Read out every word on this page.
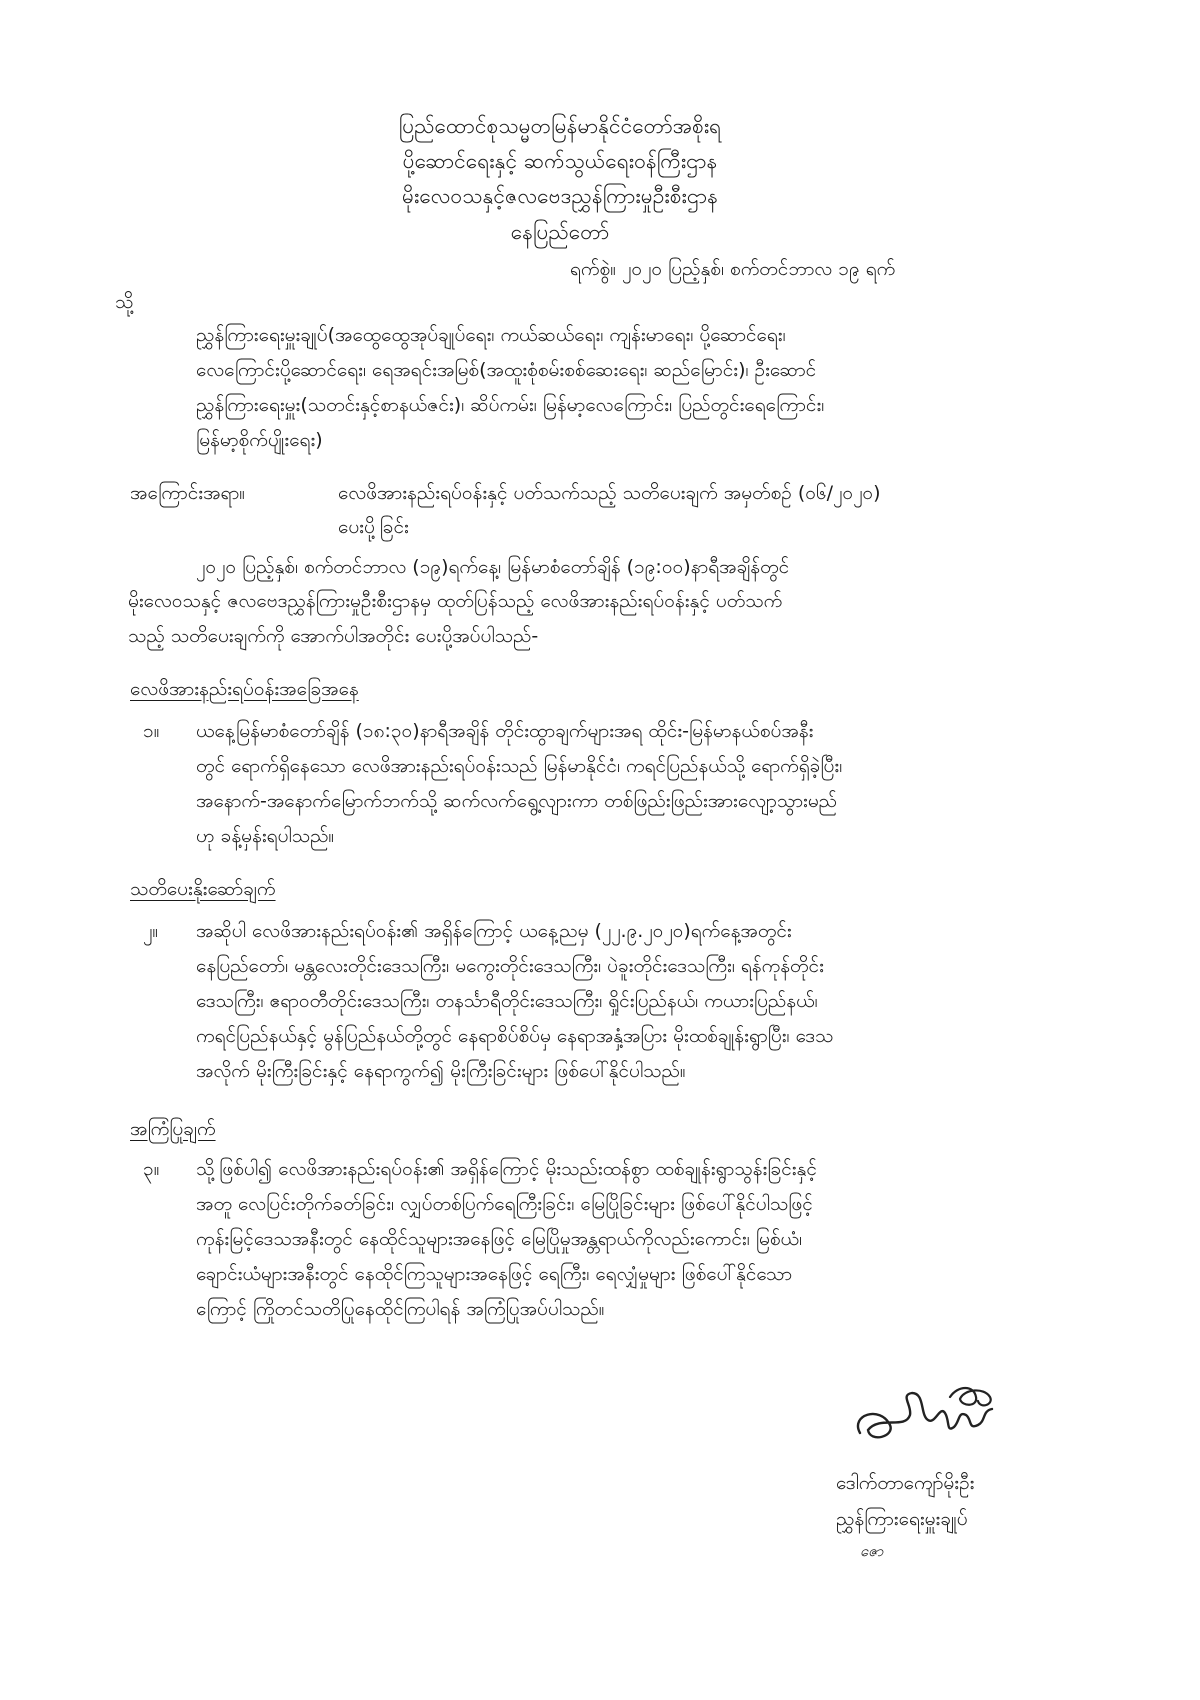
ပြည်ထောင်စုသမ္မတမြန်မာနိုင်ငံတော်အစိုးရ
ပို့ဆောင်ရေးနှင့် ဆက်သွယ်ရေးဝန်ကြီးဌာန
မိုးလေဝသနှင့်ဇလဗေဒညွှန်ကြားမှုဦးစီးဌာန
နေပြည်တော်
ရက်စွဲ။ ၂၀၂၀ ပြည့်နှစ်၊ စက်တင်ဘာလ ၁၉ ရက်
သို့
ညွှန်ကြားရေးမှူးချုပ်(အထွေထွေအုပ်ချုပ်ရေး၊ ကယ်ဆယ်ရေး၊ ကျန်းမာရေး၊ ပို့ဆောင်ရေး၊
လေကြောင်းပို့ဆောင်ရေး၊ ရေအရင်းအမြစ်(အထူးစုံစမ်းစစ်ဆေးရေး၊ ဆည်မြောင်း)၊ ဦးဆောင်
ညွှန်ကြားရေးမှူး(သတင်းနှင့်စာနယ်ဇင်း)၊ ဆိပ်ကမ်း၊ မြန်မာ့လေကြောင်း၊ ပြည်တွင်းရေကြောင်း၊
မြန်မာ့စိုက်ပျိုးရေး)
အကြောင်းအရာ။	လေဖိအားနည်းရပ်ဝန်းနှင့် ပတ်သက်သည့် သတိပေးချက် အမှတ်စဉ် (၀၆/၂၀၂၀)
ပေးပို့ခြင်း
၂၀၂၀ ပြည့်နှစ်၊ စက်တင်ဘာလ (၁၉)ရက်နေ့၊ မြန်မာစံတော်ချိန် (၁၉:၀၀)နာရီအချိန်တွင်
မိုးလေဝသနှင့် ဇလဗေဒညွှန်ကြားမှုဦးစီးဌာနမှ ထုတ်ပြန်သည့် လေဖိအားနည်းရပ်ဝန်းနှင့် ပတ်သက်
သည့် သတိပေးချက်ကို အောက်ပါအတိုင်း ပေးပို့အပ်ပါသည်-
လေဖိအားနည်းရပ်ဝန်းအခြေအနေ
၁။ ယနေ့မြန်မာစံတော်ချိန် (၁၈:၃၀)နာရီအချိန် တိုင်းထွာချက်များအရ ထိုင်း-မြန်မာနယ်စပ်အနီး
တွင် ရောက်ရှိနေသော လေဖိအားနည်းရပ်ဝန်းသည် မြန်မာနိုင်ငံ၊ ကရင်ပြည်နယ်သို့ ရောက်ရှိခဲ့ပြီး၊
အနောက်-အနောက်မြောက်ဘက်သို့ ဆက်လက်ရွေ့လျားကာ တစ်ဖြည်းဖြည်းအားလျော့သွားမည်
ဟု ခန့်မှန်းရပါသည်။
သတိပေးနိုးဆော်ချက်
၂။ အဆိုပါ လေဖိအားနည်းရပ်ဝန်း၏ အရှိန်ကြောင့် ယနေ့ညမှ (၂၂.၉.၂၀၂၀)ရက်နေ့အတွင်း
နေပြည်တော်၊ မန္တလေးတိုင်းဒေသကြီး၊ မကွေးတိုင်းဒေသကြီး၊ ပဲခူးတိုင်းဒေသကြီး၊ ရန်ကုန်တိုင်း
ဒေသကြီး၊ ဧရာဝတီတိုင်းဒေသကြီး၊ တနင်္သာရီတိုင်းဒေသကြီး၊ ရှိုင်းပြည်နယ်၊ ကယားပြည်နယ်၊
ကရင်ပြည်နယ်နှင့် မွန်ပြည်နယ်တို့တွင် နေရာစိပ်စိပ်မှ နေရာအနှံ့အပြား မိုးထစ်ချုန်းရွာပြီး၊ ဒေသ
အလိုက် မိုးကြီးခြင်းနှင့် နေရာကွက်၍ မိုးကြီးခြင်းများ ဖြစ်ပေါ်နိုင်ပါသည်။
အကြံပြုချက်
၃။ သို့ဖြစ်ပါ၍ လေဖိအားနည်းရပ်ဝန်း၏ အရှိန်ကြောင့် မိုးသည်းထန်စွာ ထစ်ချုန်းရွာသွန်းခြင်းနှင့်
အတူ လေပြင်းတိုက်ခတ်ခြင်း၊ လျှပ်တစ်ပြက်ရေကြီးခြင်း၊ မြေပြိုခြင်းများ ဖြစ်ပေါ်နိုင်ပါသဖြင့်
ကုန်းမြင့်ဒေသအနီးတွင် နေထိုင်သူများအနေဖြင့် မြေပြိုမှုအန္တရာယ်ကိုလည်းကောင်း၊ မြစ်ယံ၊
ချောင်းယံများအနီးတွင် နေထိုင်ကြသူများအနေဖြင့် ရေကြီး၊ ရေလျှံမှုများ ဖြစ်ပေါ်နိုင်သော
ကြောင့် ကြိုတင်သတိပြုနေထိုင်ကြပါရန် အကြံပြုအပ်ပါသည်။
ဒေါက်တာကျော်မိုးဦး
ညွှန်ကြားရေးမှူးချုပ်
ဇော
